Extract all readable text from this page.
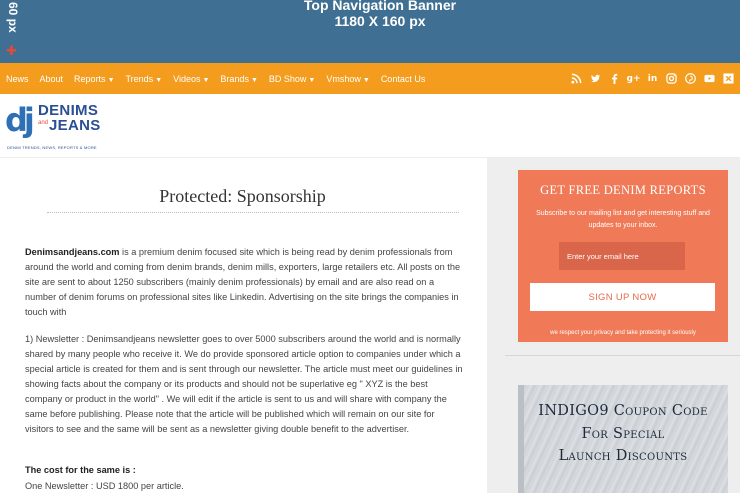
60 px
✚
Top Navigation Banner
1180 X 160 px
News About Reports ▼ Trends ▼ Videos ▼ Brands ▼ BD Show ▼ Vmshow ▼ Contact Us	g+ in
dj DENIMS
and JEANS
DENIM TRENDS, NEWS, REPORTS & MORE
Protected: Sponsorship

Denimsandjeans.com is a premium denim focused site which is being read by denim professionals from around the world and coming from denim brands, denim mills, exporters, large retailers etc. All posts on the site are sent to about 1250 subscribers (mainly denim professionals) by email and are also read on a number of denim forums on professional sites like Linkedin. Advertising on the site brings the companies in touch with

1) Newsletter : Denimsandjeans newsletter goes to over 5000 subscribers around the world and is normally shared by many people who receive it. We do provide sponsored article option to companies under which a special article is created for them and is sent through our newsletter. The article must meet our guidelines in showing facts about the company or its products and should not be superlative eg " XYZ is the best company or product in the world" . We will edit if the article is sent to us and will share with company the same before publishing. Please note that the article will be published which will remain on our site for visitors to see and the same will be sent as a newsletter giving double benefit to the advertiser.

The cost for the same is :
One Newsletter : USD 1800 per article.
GET FREE DENIM REPORTS
Subscribe to our mailing list and get interesting stuff and updates to your inbox.
Enter your email here
SIGN UP NOW
we respect your privacy and take protecting it seriously
INDIGO9 Coupon Code
For Special
Launch Discounts
